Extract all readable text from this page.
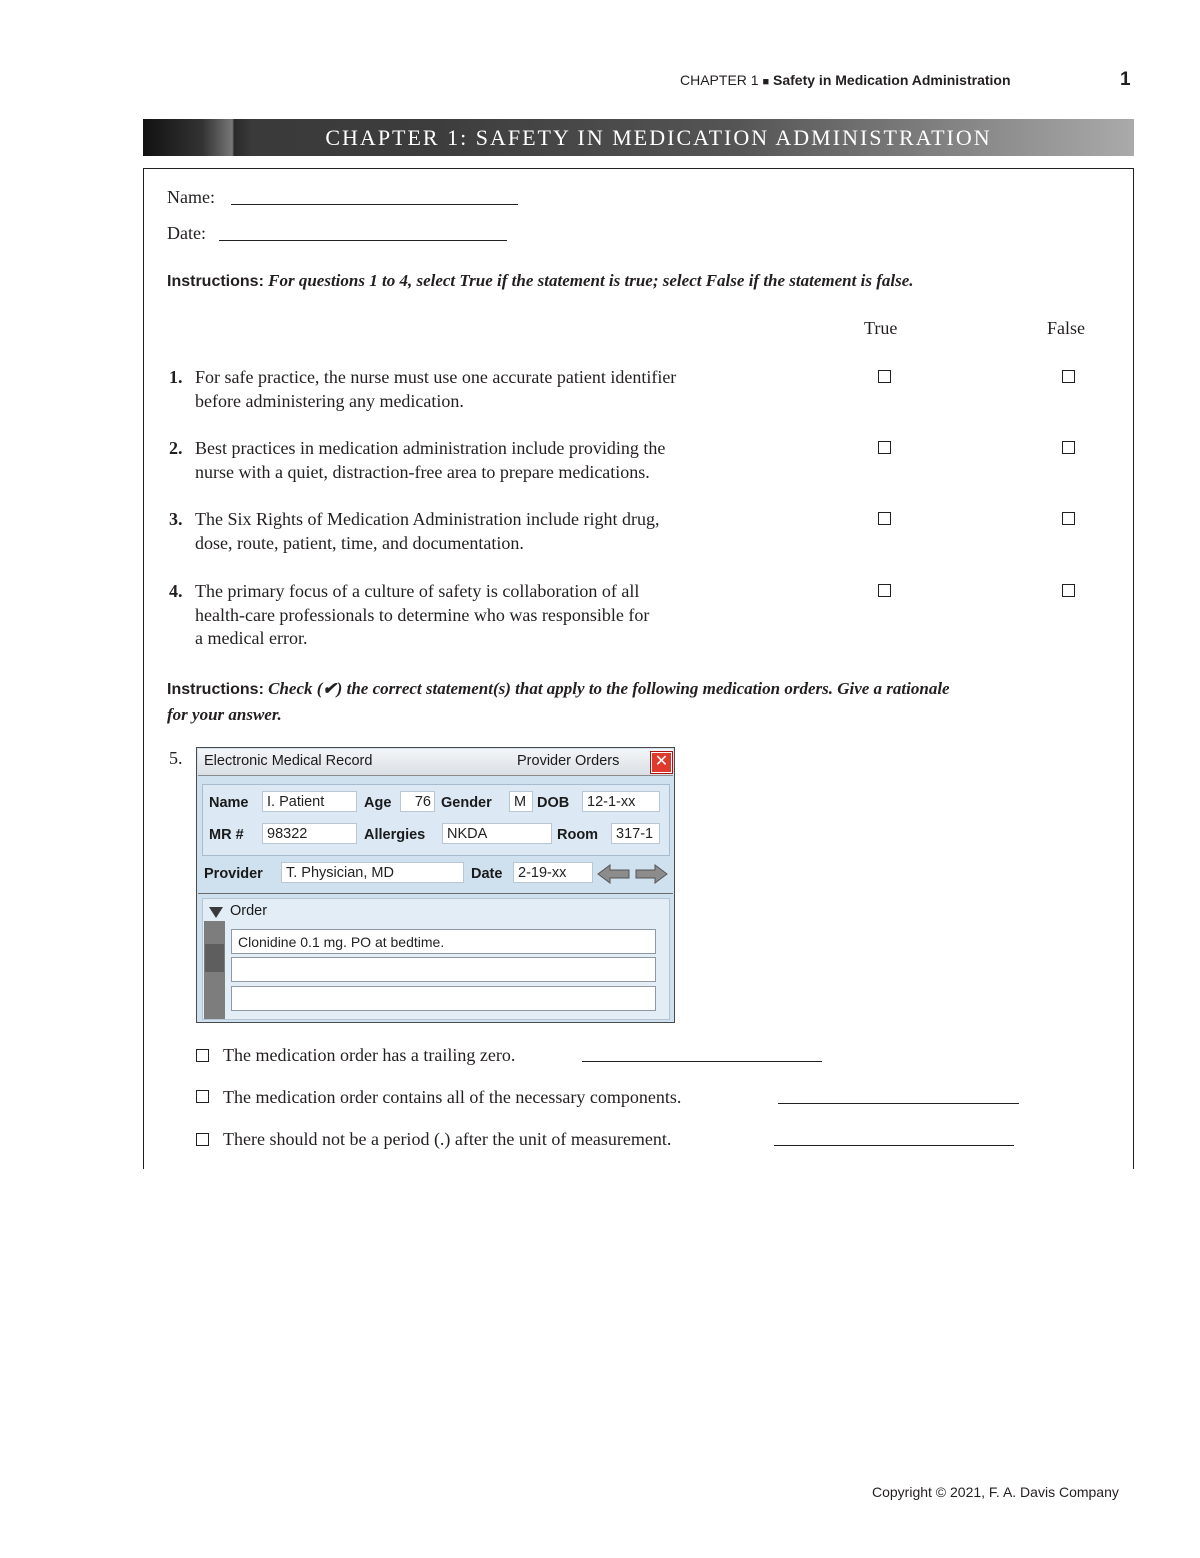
CHAPTER 1 ■ Safety in Medication Administration	1
CHAPTER 1: SAFETY IN MEDICATION ADMINISTRATION
Name:
Date:
Instructions: For questions 1 to 4, select True if the statement is true; select False if the statement is false.
True	False
1. For safe practice, the nurse must use one accurate patient identifier
before administering any medication.
2. Best practices in medication administration include providing the
nurse with a quiet, distraction-free area to prepare medications.
3. The Six Rights of Medication Administration include right drug,
dose, route, patient, time, and documentation.
4. The primary focus of a culture of safety is collaboration of all
health-care professionals to determine who was responsible for
a medical error.
Instructions: Check (✔) the correct statement(s) that apply to the following medication orders. Give a rationale
for your answer.
5. Electronic Medical Record	Provider Orders ✕
Name	I. Patient	Age	76 Gender	M DOB	12-1-xx
MR #	98322	Allergies	NKDA	Room	317-1
Provider	T. Physician, MD	Date	2-19-xx
Order
Clonidine 0.1 mg. PO at bedtime.
The medication order has a trailing zero.
The medication order contains all of the necessary components.
There should not be a period (.) after the unit of measurement.
Copyright © 2021, F. A. Davis Company
